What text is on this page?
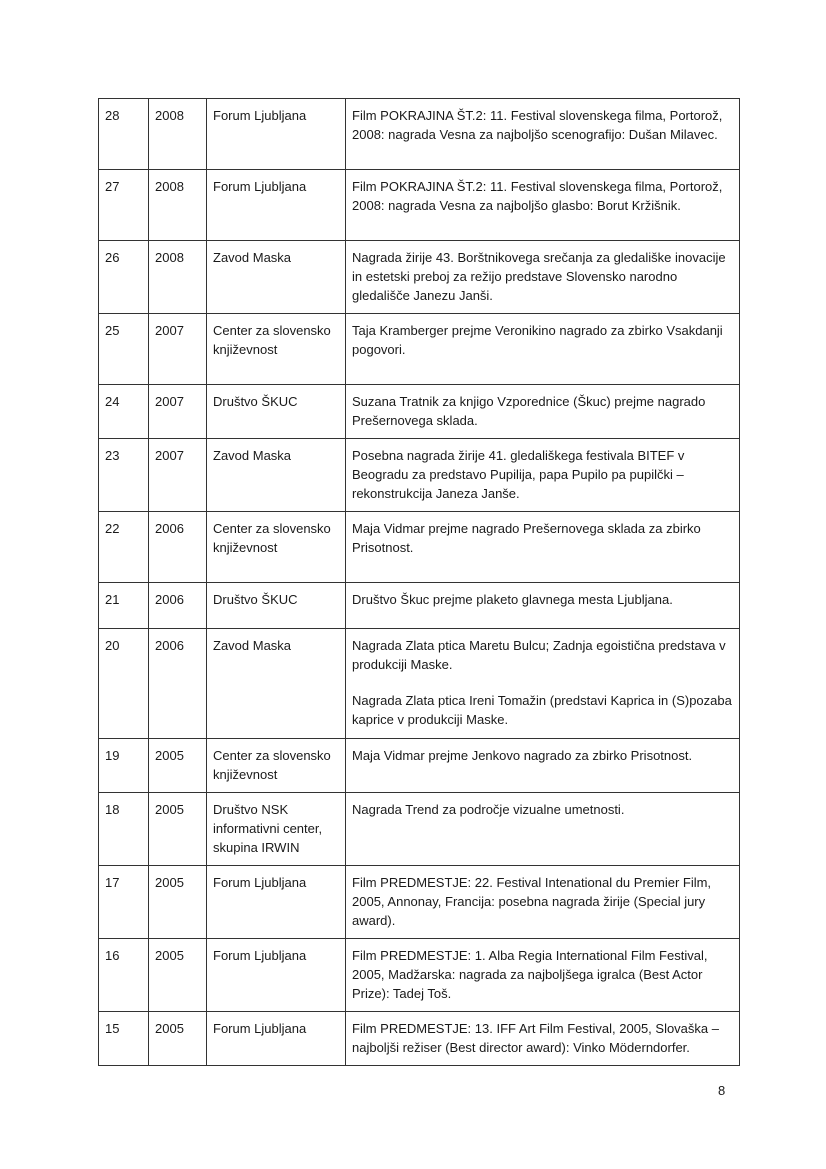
28	2008	Forum Ljubljana	Film POKRAJINA ŠT.2: 11. Festival slovenskega filma, Portorož, 2008: nagrada Vesna za najboljšo scenografijo: Dušan Milavec.

27	2008	Forum Ljubljana	Film POKRAJINA ŠT.2: 11. Festival slovenskega filma, Portorož, 2008: nagrada Vesna za najboljšo glasbo: Borut Kržišnik.

26	2008	Zavod Maska	Nagrada žirije 43. Borštnikovega srečanja za gledališke inovacije in estetski preboj za režijo predstave Slovensko narodno gledališče Janezu Janši.

25	2007	Center za slovensko književnost	Taja Kramberger prejme Veronikino nagrado za zbirko Vsakdanji pogovori.

24	2007	Društvo ŠKUC	Suzana Tratnik za knjigo Vzporednice (Škuc) prejme nagrado Prešernovega sklada.

23	2007	Zavod Maska	Posebna nagrada žirije 41. gledališkega festivala BITEF v Beogradu za predstavo Pupilija, papa Pupilo pa pupilčki – rekonstrukcija Janeza Janše.

22	2006	Center za slovensko književnost	Maja Vidmar prejme nagrado Prešernovega sklada za zbirko Prisotnost.

21	2006	Društvo ŠKUC	Društvo Škuc prejme plaketo glavnega mesta Ljubljana.

20	2006	Zavod Maska	Nagrada Zlata ptica Maretu Bulcu; Zadnja egoistična predstava v produkciji Maske.
Nagrada Zlata ptica Ireni Tomažin (predstavi Kaprica in (S)pozaba kaprice v produkciji Maske.

19	2005	Center za slovensko književnost	Maja Vidmar prejme Jenkovo nagrado za zbirko Prisotnost.

18	2005	Društvo NSK informativni center, skupina IRWIN	Nagrada Trend za področje vizualne umetnosti.

17	2005	Forum Ljubljana	Film PREDMESTJE: 22. Festival Intenational du Premier Film, 2005, Annonay, Francija: posebna nagrada žirije (Special jury award).

16	2005	Forum Ljubljana	Film PREDMESTJE: 1. Alba Regia International Film Festival, 2005, Madžarska: nagrada za najboljšega igralca (Best Actor Prize): Tadej Toš.

15	2005	Forum Ljubljana	Film PREDMESTJE: 13. IFF Art Film Festival, 2005, Slovaška – najboljši režiser (Best director award): Vinko Möderndorfer.
8
